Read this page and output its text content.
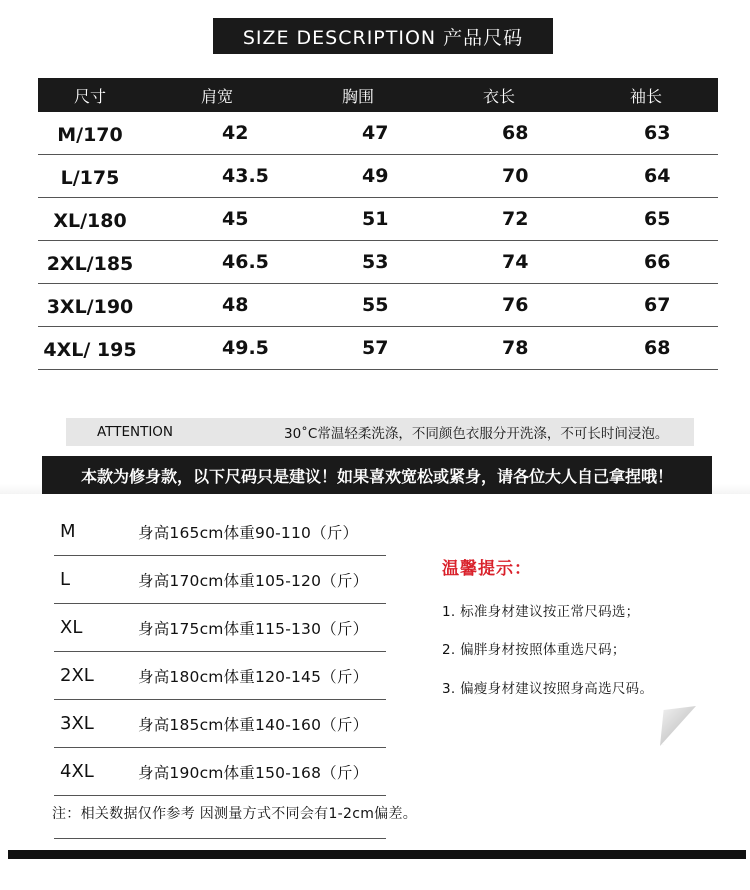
SIZE DESCRIPTION 产品尺码
尺寸	肩宽	胸围	衣长	袖长
M/170	42	47	68	63
L/175	43.5	49	70	64
XL/180	45	51	72	65
2XL/185	46.5	53	74	66
3XL/190	48	55	76	67
4XL/ 195	49.5	57	78	68
ATTENTION	30˚C常温轻柔洗涤，不同颜色衣服分开洗涤，不可长时间浸泡。
本款为修身款，以下尺码只是建议！如果喜欢宽松或紧身，请各位大人自己拿捏哦！
M	身高165cm体重90-110（斤）
L	身高170cm体重105-120（斤）
XL	身高175cm体重115-130（斤）
2XL	身高180cm体重120-145（斤）
3XL	身高185cm体重140-160（斤）
4XL	身高190cm体重150-168（斤）
温馨提示：
1. 标准身材建议按正常尺码选；
2. 偏胖身材按照体重选尺码；
3. 偏瘦身材建议按照身高选尺码。
注：相关数据仅作参考 因测量方式不同会有1-2cm偏差。
